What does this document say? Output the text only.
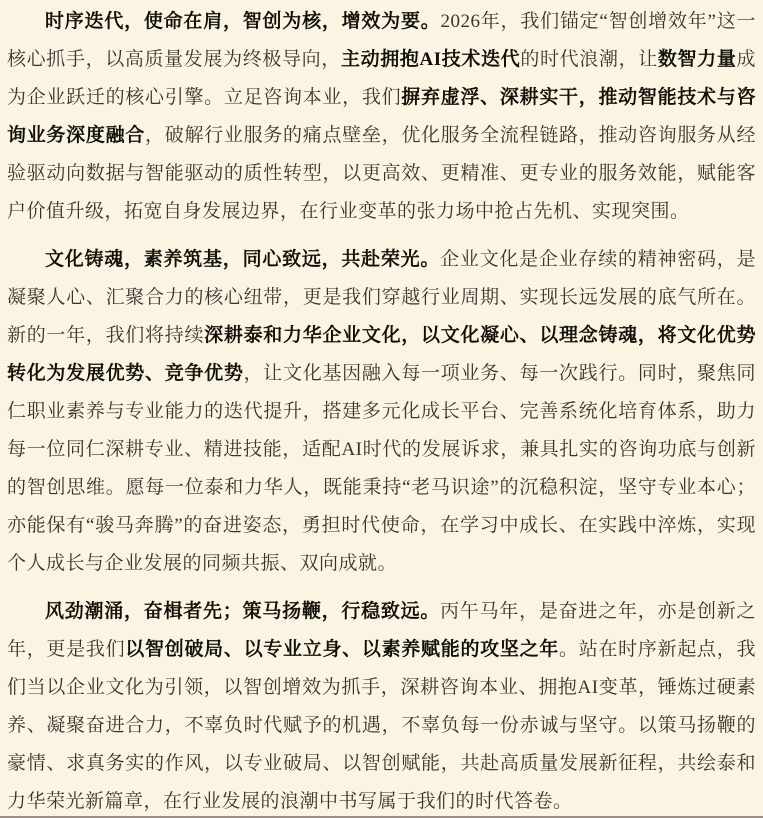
时序迭代，使命在肩，智创为核，增效为要。2026年，我们锚定“智创增效年”这一核心抓手，以高质量发展为终极导向，主动拥抱AI技术迭代的时代浪潮，让数智力量成为企业跃迁的核心引擎。立足咨询本业，我们摒弃虚浮、深耕实干，推动智能技术与咨询业务深度融合，破解行业服务的痛点壁垒，优化服务全流程链路，推动咨询服务从经验驱动向数据与智能驱动的质性转型，以更高效、更精准、更专业的服务效能，赋能客户价值升级，拓宽自身发展边界，在行业变革的张力场中抢占先机、实现突围。

文化铸魂，素养筑基，同心致远，共赴荣光。企业文化是企业存续的精神密码，是凝聚人心、汇聚合力的核心纽带，更是我们穿越行业周期、实现长远发展的底气所在。新的一年，我们将持续深耕泰和力华企业文化，以文化凝心、以理念铸魂，将文化优势转化为发展优势、竞争优势，让文化基因融入每一项业务、每一次践行。同时，聚焦同仁职业素养与专业能力的迭代提升，搭建多元化成长平台、完善系统化培育体系，助力每一位同仁深耕专业、精进技能，适配AI时代的发展诉求，兼具扎实的咨询功底与创新的智创思维。愿每一位泰和力华人，既能秉持“老马识途”的沉稳积淀，坚守专业本心；亦能保有“骏马奔腾”的奋进姿态，勇担时代使命，在学习中成长、在实践中淬炼，实现个人成长与企业发展的同频共振、双向成就。

风劲潮涌，奋楫者先；策马扬鞭，行稳致远。丙午马年，是奋进之年，亦是创新之年，更是我们以智创破局、以专业立身、以素养赋能的攻坚之年。站在时序新起点，我们当以企业文化为引领，以智创增效为抓手，深耕咨询本业、拥抱AI变革，锤炼过硬素养、凝聚奋进合力，不辜负时代赋予的机遇，不辜负每一份赤诚与坚守。以策马扬鞭的豪情、求真务实的作风，以专业破局、以智创赋能，共赴高质量发展新征程，共绘泰和力华荣光新篇章，在行业发展的浪潮中书写属于我们的时代答卷。
